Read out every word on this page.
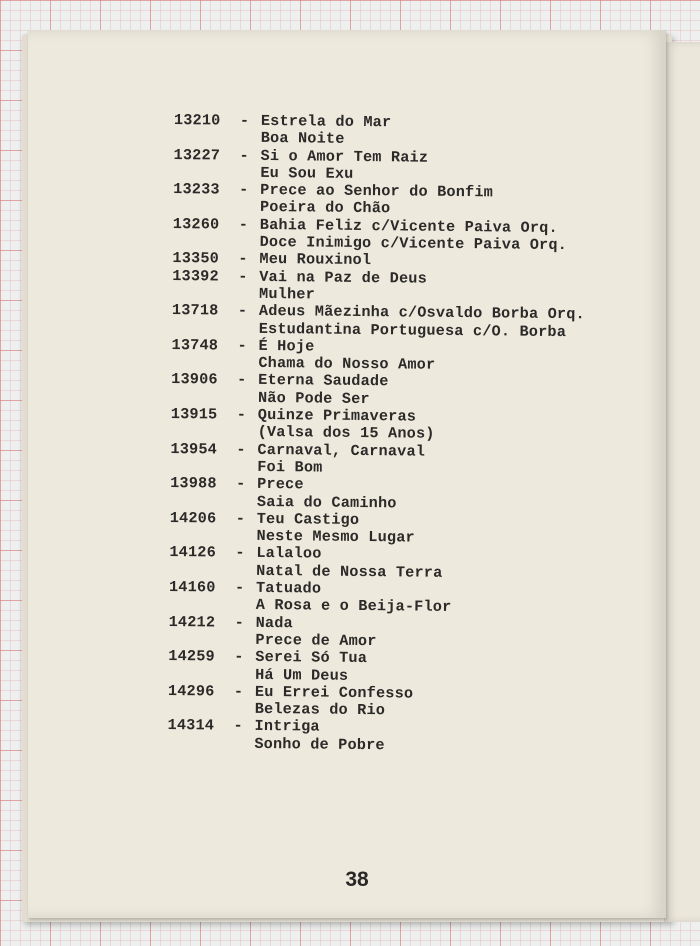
13210 - Estrela do Mar
Boa Noite
13227 - Si o Amor Tem Raiz
Eu Sou Exu
13233 - Prece ao Senhor do Bonfim
Poeira do Chão
13260 - Bahia Feliz c/Vicente Paiva Orq.
Doce Inimigo c/Vicente Paiva Orq.
13350 - Meu Rouxinol
13392 - Vai na Paz de Deus
Mulher
13718 - Adeus Mãezinha c/Osvaldo Borba Orq.
Estudantina Portuguesa c/O. Borba
13748 - É Hoje
Chama do Nosso Amor
13906 - Eterna Saudade
Não Pode Ser
13915 - Quinze Primaveras
(Valsa dos 15 Anos)
13954 - Carnaval, Carnaval
Foi Bom
13988 - Prece
Saia do Caminho
14206 - Teu Castigo
Neste Mesmo Lugar
14126 - Lalaloo
Natal de Nossa Terra
14160 - Tatuado
A Rosa e o Beija-Flor
14212 - Nada
Prece de Amor
14259 - Serei Só Tua
Há Um Deus
14296 - Eu Errei Confesso
Belezas do Rio
14314 - Intriga
Sonho de Pobre
38
